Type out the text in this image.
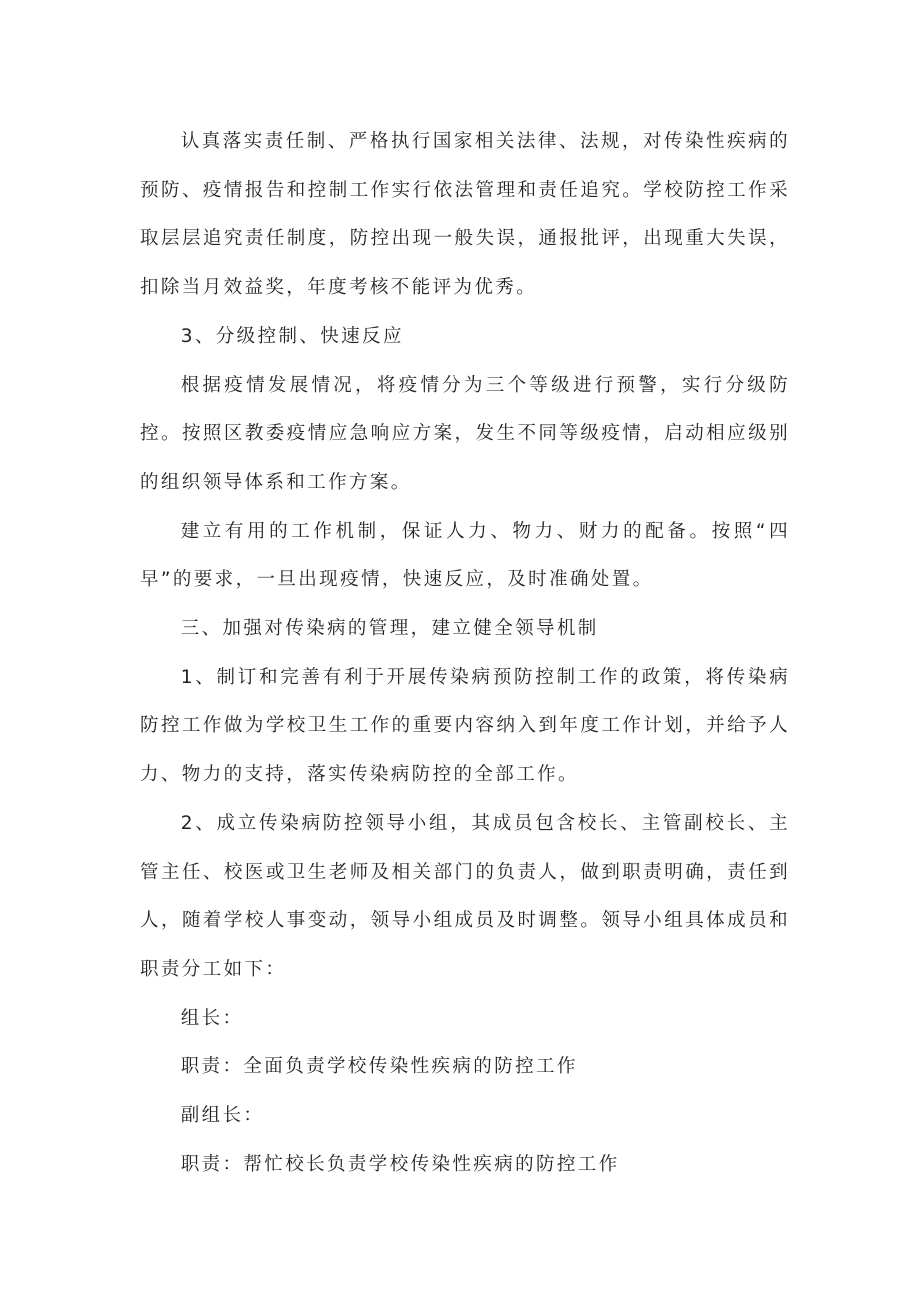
认真落实责任制、严格执行国家相关法律、法规，对传染性疾病的预防、疫情报告和控制工作实行依法管理和责任追究。学校防控工作采取层层追究责任制度，防控出现一般失误，通报批评，出现重大失误，扣除当月效益奖，年度考核不能评为优秀。

3、分级控制、快速反应

根据疫情发展情况，将疫情分为三个等级进行预警，实行分级防控。按照区教委疫情应急响应方案，发生不同等级疫情，启动相应级别的组织领导体系和工作方案。

建立有用的工作机制，保证人力、物力、财力的配备。按照“四早”的要求，一旦出现疫情，快速反应，及时准确处置。

三、加强对传染病的管理，建立健全领导机制

1、制订和完善有利于开展传染病预防控制工作的政策，将传染病防控工作做为学校卫生工作的重要内容纳入到年度工作计划，并给予人力、物力的支持，落实传染病防控的全部工作。

2、成立传染病防控领导小组，其成员包含校长、主管副校长、主管主任、校医或卫生老师及相关部门的负责人，做到职责明确，责任到人，随着学校人事变动，领导小组成员及时调整。领导小组具体成员和职责分工如下：

组长：

职责：全面负责学校传染性疾病的防控工作

副组长：

职责：帮忙校长负责学校传染性疾病的防控工作
